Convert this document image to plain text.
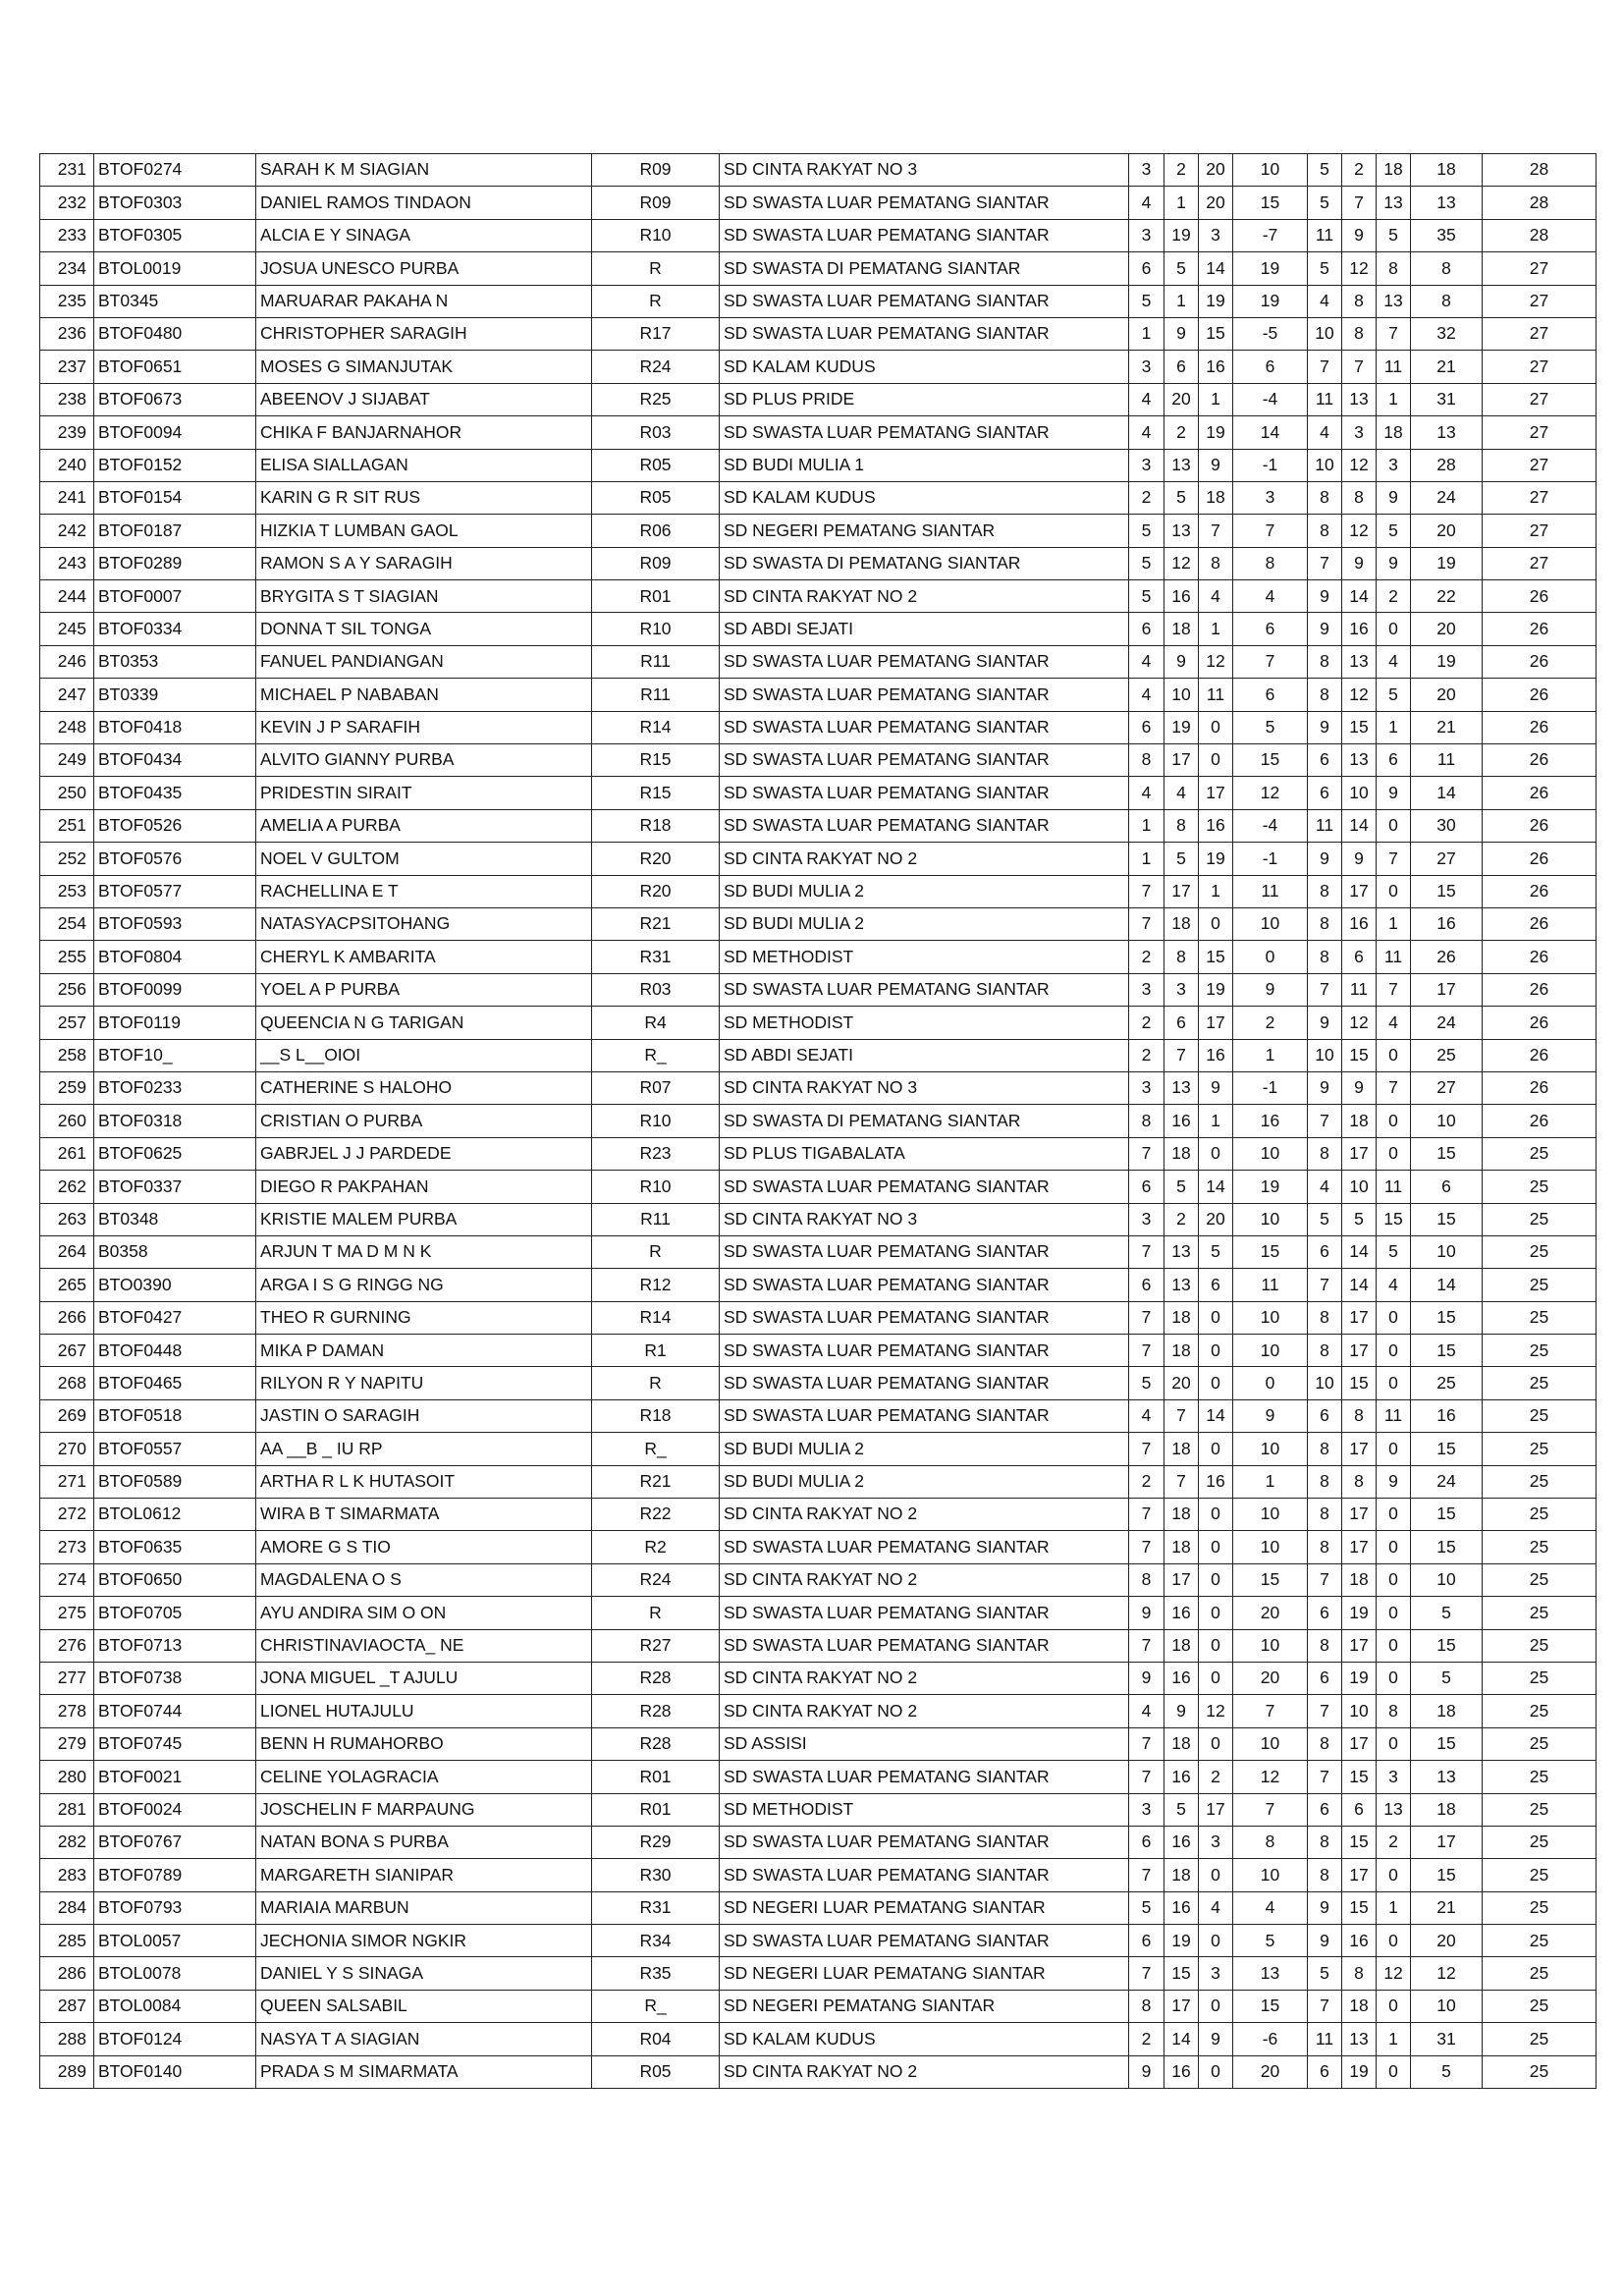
231	BTOF0274	SARAH K M SIAGIAN	R09	SD CINTA RAKYAT NO 3	3	2	20	10	5	2	18	18	28
232	BTOF0303	DANIEL RAMOS TINDAON	R09	SD SWASTA LUAR PEMATANG SIANTAR	4	1	20	15	5	7	13	13	28
233	BTOF0305	ALCIA E Y SINAGA	R10	SD SWASTA LUAR PEMATANG SIANTAR	3	19	3	-7	11	9	5	35	28
234	BTOL0019	JOSUA UNESCO PURBA	R	SD SWASTA DI PEMATANG SIANTAR	6	5	14	19	5	12	8	8	27
235	BT0345	MARUARAR PAKAHA N	R	SD SWASTA LUAR PEMATANG SIANTAR	5	1	19	19	4	8	13	8	27
236	BTOF0480	CHRISTOPHER SARAGIH	R17	SD SWASTA LUAR PEMATANG SIANTAR	1	9	15	-5	10	8	7	32	27
237	BTOF0651	MOSES G SIMANJUTAK	R24	SD KALAM KUDUS	3	6	16	6	7	7	11	21	27
238	BTOF0673	ABEENOV J SIJABAT	R25	SD PLUS PRIDE	4	20	1	-4	11	13	1	31	27
239	BTOF0094	CHIKA F BANJARNAHOR	R03	SD SWASTA LUAR PEMATANG SIANTAR	4	2	19	14	4	3	18	13	27
240	BTOF0152	ELISA SIALLAGAN	R05	SD BUDI MULIA 1	3	13	9	-1	10	12	3	28	27
241	BTOF0154	KARIN G R SIT RUS	R05	SD KALAM KUDUS	2	5	18	3	8	8	9	24	27
242	BTOF0187	HIZKIA T LUMBAN GAOL	R06	SD NEGERI PEMATANG SIANTAR	5	13	7	7	8	12	5	20	27
243	BTOF0289	RAMON S A Y SARAGIH	R09	SD SWASTA DI PEMATANG SIANTAR	5	12	8	8	7	9	9	19	27
244	BTOF0007	BRYGITA S T SIAGIAN	R01	SD CINTA RAKYAT NO 2	5	16	4	4	9	14	2	22	26
245	BTOF0334	DONNA T SIL TONGA	R10	SD ABDI SEJATI	6	18	1	6	9	16	0	20	26
246	BT0353	FANUEL PANDIANGAN	R11	SD SWASTA LUAR PEMATANG SIANTAR	4	9	12	7	8	13	4	19	26
247	BT0339	MICHAEL P NABABAN	R11	SD SWASTA LUAR PEMATANG SIANTAR	4	10	11	6	8	12	5	20	26
248	BTOF0418	KEVIN J P SARAFIH	R14	SD SWASTA LUAR PEMATANG SIANTAR	6	19	0	5	9	15	1	21	26
249	BTOF0434	ALVITO GIANNY PURBA	R15	SD SWASTA LUAR PEMATANG SIANTAR	8	17	0	15	6	13	6	11	26
250	BTOF0435	PRIDESTIN SIRAIT	R15	SD SWASTA LUAR PEMATANG SIANTAR	4	4	17	12	6	10	9	14	26
251	BTOF0526	AMELIA A PURBA	R18	SD SWASTA LUAR PEMATANG SIANTAR	1	8	16	-4	11	14	0	30	26
252	BTOF0576	NOEL V GULTOM	R20	SD CINTA RAKYAT NO 2	1	5	19	-1	9	9	7	27	26
253	BTOF0577	RACHELLINA E T	R20	SD BUDI MULIA 2	7	17	1	11	8	17	0	15	26
254	BTOF0593	NATASYACPSITOHANG	R21	SD BUDI MULIA 2	7	18	0	10	8	16	1	16	26
255	BTOF0804	CHERYL K AMBARITA	R31	SD METHODIST	2	8	15	0	8	6	11	26	26
256	BTOF0099	YOEL A P PURBA	R03	SD SWASTA LUAR PEMATANG SIANTAR	3	3	19	9	7	11	7	17	26
257	BTOF0119	QUEENCIA N G TARIGAN	R4	SD METHODIST	2	6	17	2	9	12	4	24	26
258	BTOF10_	__S L__OIOI	R_	SD ABDI SEJATI	2	7	16	1	10	15	0	25	26
259	BTOF0233	CATHERINE S HALOHO	R07	SD CINTA RAKYAT NO 3	3	13	9	-1	9	9	7	27	26
260	BTOF0318	CRISTIAN O PURBA	R10	SD SWASTA DI PEMATANG SIANTAR	8	16	1	16	7	18	0	10	26
261	BTOF0625	GABRJEL J J PARDEDE	R23	SD PLUS TIGABALATA	7	18	0	10	8	17	0	15	25
262	BTOF0337	DIEGO R PAKPAHAN	R10	SD SWASTA LUAR PEMATANG SIANTAR	6	5	14	19	4	10	11	6	25
263	BT0348	KRISTIE MALEM PURBA	R11	SD CINTA RAKYAT NO 3	3	2	20	10	5	5	15	15	25
264	B0358	ARJUN T MA D M N K	R	SD SWASTA LUAR PEMATANG SIANTAR	7	13	5	15	6	14	5	10	25
265	BTO0390	ARGA I S G RINGG NG	R12	SD SWASTA LUAR PEMATANG SIANTAR	6	13	6	11	7	14	4	14	25
266	BTOF0427	THEO R GURNING	R14	SD SWASTA LUAR PEMATANG SIANTAR	7	18	0	10	8	17	0	15	25
267	BTOF0448	MIKA P DAMAN	R1	SD SWASTA LUAR PEMATANG SIANTAR	7	18	0	10	8	17	0	15	25
268	BTOF0465	RILYON R Y NAPITU	R	SD SWASTA LUAR PEMATANG SIANTAR	5	20	0	0	10	15	0	25	25
269	BTOF0518	JASTIN O SARAGIH	R18	SD SWASTA LUAR PEMATANG SIANTAR	4	7	14	9	6	8	11	16	25
270	BTOF0557	AA __B _ IU RP	R_	SD BUDI MULIA 2	7	18	0	10	8	17	0	15	25
271	BTOF0589	ARTHA R L K HUTASOIT	R21	SD BUDI MULIA 2	2	7	16	1	8	8	9	24	25
272	BTOL0612	WIRA B T SIMARMATA	R22	SD CINTA RAKYAT NO 2	7	18	0	10	8	17	0	15	25
273	BTOF0635	AMORE G S TIO	R2	SD SWASTA LUAR PEMATANG SIANTAR	7	18	0	10	8	17	0	15	25
274	BTOF0650	MAGDALENA O S	R24	SD CINTA RAKYAT NO 2	8	17	0	15	7	18	0	10	25
275	BTOF0705	AYU ANDIRA SIM O ON	R	SD SWASTA LUAR PEMATANG SIANTAR	9	16	0	20	6	19	0	5	25
276	BTOF0713	CHRISTINAVIAOCTA_ NE	R27	SD SWASTA LUAR PEMATANG SIANTAR	7	18	0	10	8	17	0	15	25
277	BTOF0738	JONA MIGUEL _T AJULU	R28	SD CINTA RAKYAT NO 2	9	16	0	20	6	19	0	5	25
278	BTOF0744	LIONEL HUTAJULU	R28	SD CINTA RAKYAT NO 2	4	9	12	7	7	10	8	18	25
279	BTOF0745	BENN H RUMAHORBO	R28	SD ASSISI	7	18	0	10	8	17	0	15	25
280	BTOF0021	CELINE YOLAGRACIA	R01	SD SWASTA LUAR PEMATANG SIANTAR	7	16	2	12	7	15	3	13	25
281	BTOF0024	JOSCHELIN F MARPAUNG	R01	SD METHODIST	3	5	17	7	6	6	13	18	25
282	BTOF0767	NATAN BONA S PURBA	R29	SD SWASTA LUAR PEMATANG SIANTAR	6	16	3	8	8	15	2	17	25
283	BTOF0789	MARGARETH SIANIPAR	R30	SD SWASTA LUAR PEMATANG SIANTAR	7	18	0	10	8	17	0	15	25
284	BTOF0793	MARIAIA MARBUN	R31	SD NEGERI LUAR PEMATANG SIANTAR	5	16	4	4	9	15	1	21	25
285	BTOL0057	JECHONIA SIMOR NGKIR	R34	SD SWASTA LUAR PEMATANG SIANTAR	6	19	0	5	9	16	0	20	25
286	BTOL0078	DANIEL Y S SINAGA	R35	SD NEGERI LUAR PEMATANG SIANTAR	7	15	3	13	5	8	12	12	25
287	BTOL0084	QUEEN SALSABIL	R_	SD NEGERI PEMATANG SIANTAR	8	17	0	15	7	18	0	10	25
288	BTOF0124	NASYA T A SIAGIAN	R04	SD KALAM KUDUS	2	14	9	-6	11	13	1	31	25
289	BTOF0140	PRADA S M SIMARMATA	R05	SD CINTA RAKYAT NO 2	9	16	0	20	6	19	0	5	25
